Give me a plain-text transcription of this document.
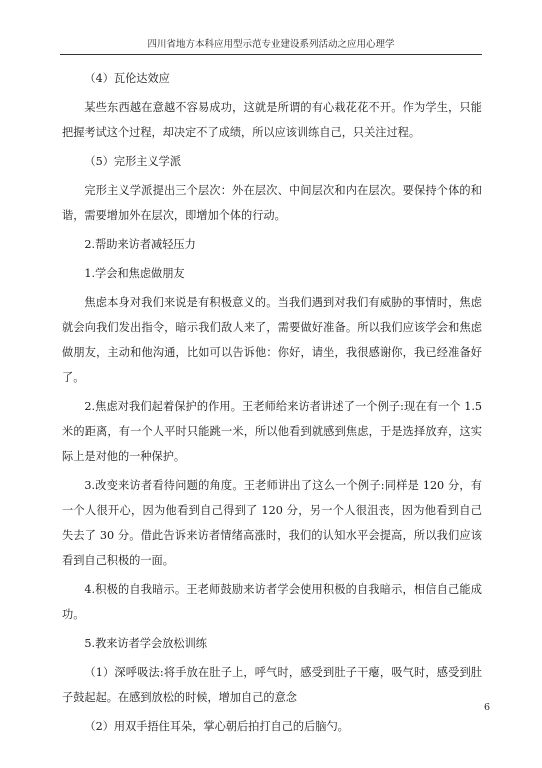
四川省地方本科应用型示范专业建设系列活动之应用心理学

（4）瓦伦达效应

某些东西越在意越不容易成功，这就是所谓的有心栽花花不开。作为学生，只能把握考试这个过程，却决定不了成绩，所以应该训练自己，只关注过程。

（5）完形主义学派

完形主义学派提出三个层次：外在层次、中间层次和内在层次。要保持个体的和谐，需要增加外在层次，即增加个体的行动。

2.帮助来访者减轻压力

1.学会和焦虑做朋友

焦虑本身对我们来说是有积极意义的。当我们遇到对我们有威胁的事情时，焦虑就会向我们发出指令，暗示我们敌人来了，需要做好准备。所以我们应该学会和焦虑做朋友，主动和他沟通，比如可以告诉他：你好，请坐，我很感谢你，我已经准备好了。

2.焦虑对我们起着保护的作用。王老师给来访者讲述了一个例子:现在有一个 1.5 米的距离，有一个人平时只能跳一米，所以他看到就感到焦虑，于是选择放弃，这实际上是对他的一种保护。

3.改变来访者看待问题的角度。王老师讲出了这么一个例子:同样是 120 分，有一个人很开心，因为他看到自己得到了 120 分，另一个人很沮丧，因为他看到自己失去了 30 分。借此告诉来访者情绪高涨时，我们的认知水平会提高，所以我们应该看到自己积极的一面。

4.积极的自我暗示。王老师鼓励来访者学会使用积极的自我暗示，相信自己能成功。

5.教来访者学会放松训练

（1）深呼吸法:将手放在肚子上，呼气时，感受到肚子干瘪，吸气时，感受到肚子鼓起起。在感到放松的时候，增加自己的意念

（2）用双手捂住耳朵，掌心朝后拍打自己的后脑勺。

6
